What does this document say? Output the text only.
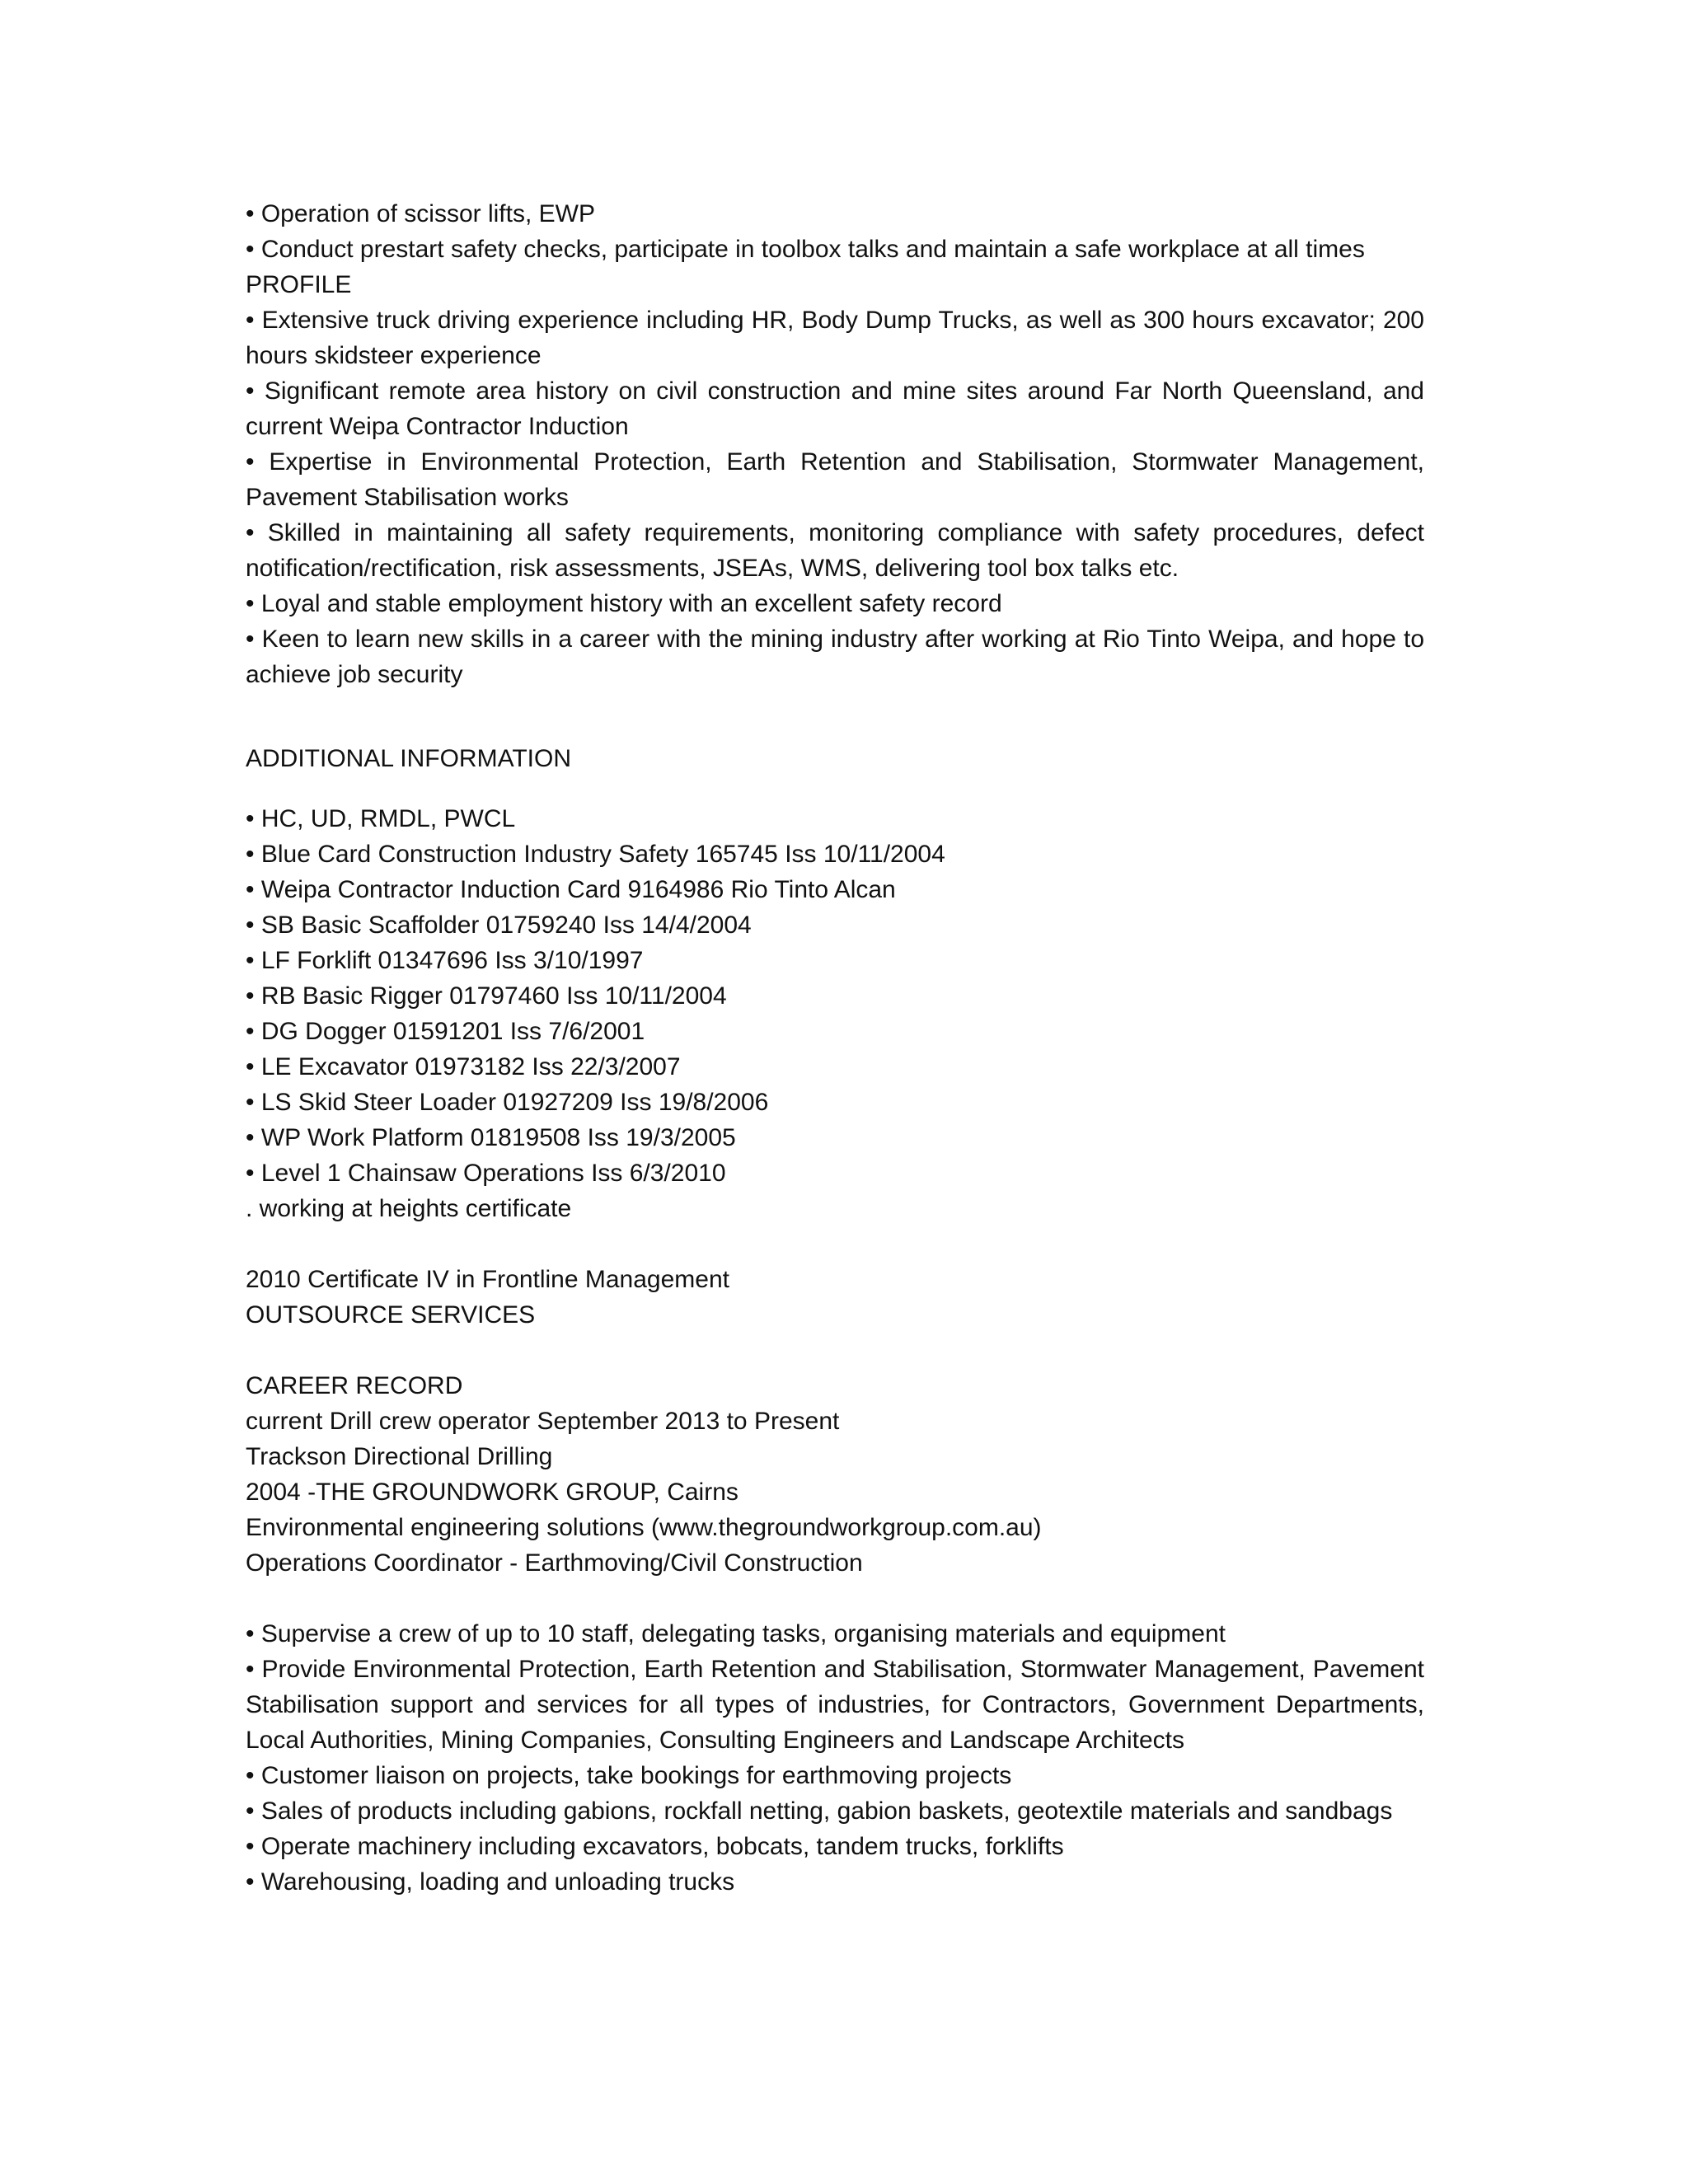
• Operation of scissor lifts, EWP

• Conduct prestart safety checks, participate in toolbox talks and maintain a safe workplace at all times

PROFILE

• Extensive truck driving experience including HR, Body Dump Trucks, as well as 300 hours excavator; 200 hours skidsteer experience

• Significant remote area history on civil construction and mine sites around Far North Queensland, and current Weipa Contractor Induction

• Expertise in Environmental Protection, Earth Retention and Stabilisation, Stormwater Management, Pavement Stabilisation works

• Skilled in maintaining all safety requirements, monitoring compliance with safety procedures, defect notification/rectification, risk assessments, JSEAs, WMS, delivering tool box talks etc.

• Loyal and stable employment history with an excellent safety record

• Keen to learn new skills in a career with the mining industry after working at Rio Tinto Weipa, and hope to achieve job security

ADDITIONAL INFORMATION

• HC, UD, RMDL, PWCL

• Blue Card Construction Industry Safety 165745 Iss 10/11/2004

• Weipa Contractor Induction Card 9164986 Rio Tinto Alcan

• SB Basic Scaffolder 01759240 Iss 14/4/2004

• LF Forklift 01347696 Iss 3/10/1997

• RB Basic Rigger 01797460 Iss 10/11/2004

• DG Dogger 01591201 Iss 7/6/2001

• LE Excavator 01973182 Iss 22/3/2007

• LS Skid Steer Loader 01927209 Iss 19/8/2006

• WP Work Platform 01819508 Iss 19/3/2005

• Level 1 Chainsaw Operations Iss 6/3/2010

. working at heights certificate

2010 Certificate IV in Frontline Management

OUTSOURCE SERVICES

CAREER RECORD

current Drill crew operator September 2013 to Present

Trackson Directional Drilling

2004 -THE GROUNDWORK GROUP, Cairns

Environmental engineering solutions (www.thegroundworkgroup.com.au)

Operations Coordinator - Earthmoving/Civil Construction

• Supervise a crew of up to 10 staff, delegating tasks, organising materials and equipment

• Provide Environmental Protection, Earth Retention and Stabilisation, Stormwater Management, Pavement Stabilisation support and services for all types of industries, for Contractors, Government Departments, Local Authorities, Mining Companies, Consulting Engineers and Landscape Architects

• Customer liaison on projects, take bookings for earthmoving projects

• Sales of products including gabions, rockfall netting, gabion baskets, geotextile materials and sandbags

• Operate machinery including excavators, bobcats, tandem trucks, forklifts

• Warehousing, loading and unloading trucks
